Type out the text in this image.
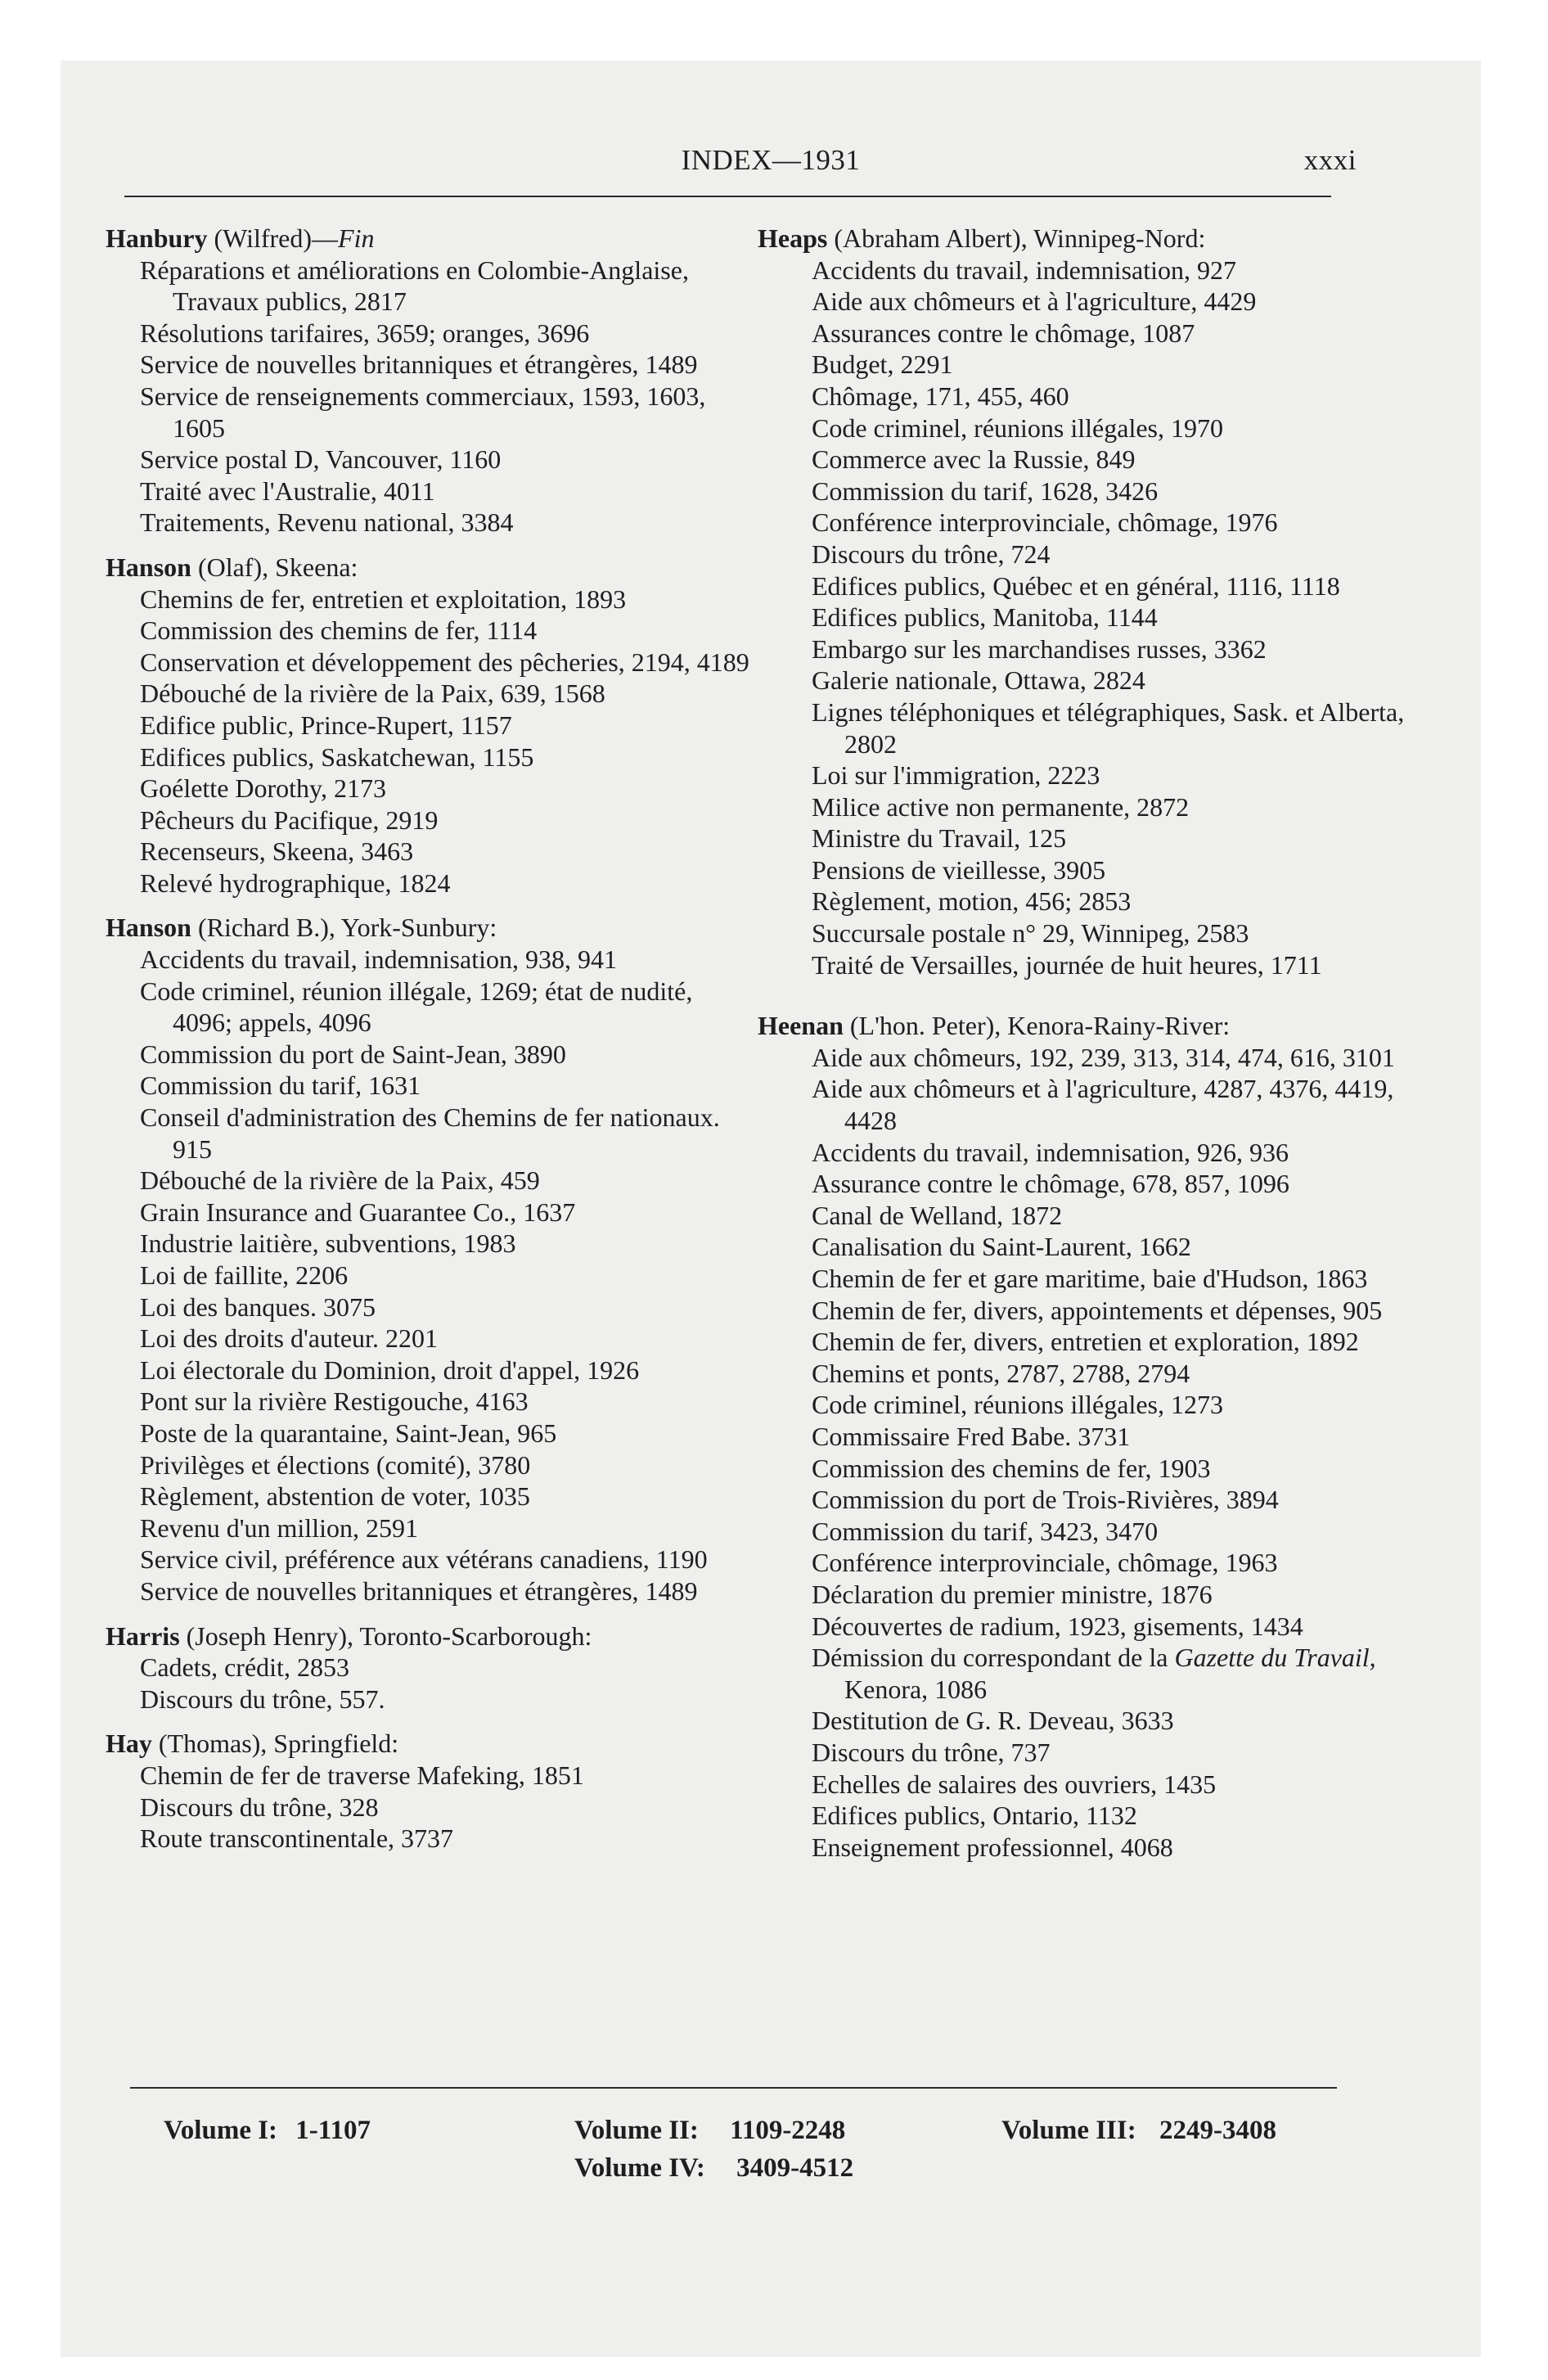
INDEX—1931	xxxi
Hanbury (Wilfred)—Fin
Réparations et améliorations en Colombie-Anglaise, Travaux publics, 2817
Résolutions tarifaires, 3659; oranges, 3696
Service de nouvelles britanniques et étrangères, 1489
Service de renseignements commerciaux, 1593, 1603, 1605
Service postal D, Vancouver, 1160
Traité avec l'Australie, 4011
Traitements, Revenu national, 3384
Hanson (Olaf), Skeena:
Chemins de fer, entretien et exploitation, 1893
Commission des chemins de fer, 1114
Conservation et développement des pêcheries, 2194, 4189
Débouché de la rivière de la Paix, 639, 1568
Edifice public, Prince-Rupert, 1157
Edifices publics, Saskatchewan, 1155
Goélette Dorothy, 2173
Pêcheurs du Pacifique, 2919
Recenseurs, Skeena, 3463
Relevé hydrographique, 1824
Hanson (Richard B.), York-Sunbury:
Accidents du travail, indemnisation, 938, 941
Code criminel, réunion illégale, 1269; état de nudité, 4096; appels, 4096
Commission du port de Saint-Jean, 3890
Commission du tarif, 1631
Conseil d'administration des Chemins de fer nationaux. 915
Débouché de la rivière de la Paix, 459
Grain Insurance and Guarantee Co., 1637
Industrie laitière, subventions, 1983
Loi de faillite, 2206
Loi des banques. 3075
Loi des droits d'auteur. 2201
Loi électorale du Dominion, droit d'appel, 1926
Pont sur la rivière Restigouche, 4163
Poste de la quarantaine, Saint-Jean, 965
Privilèges et élections (comité), 3780
Règlement, abstention de voter, 1035
Revenu d'un million, 2591
Service civil, préférence aux vétérans canadiens, 1190
Service de nouvelles britanniques et étrangères, 1489
Harris (Joseph Henry), Toronto-Scarborough:
Cadets, crédit, 2853
Discours du trône, 557.
Hay (Thomas), Springfield:
Chemin de fer de traverse Mafeking, 1851
Discours du trône, 328
Route transcontinentale, 3737
Heaps (Abraham Albert), Winnipeg-Nord:
Accidents du travail, indemnisation, 927
Aide aux chômeurs et à l'agriculture, 4429
Assurances contre le chômage, 1087
Budget, 2291
Chômage, 171, 455, 460
Code criminel, réunions illégales, 1970
Commerce avec la Russie, 849
Commission du tarif, 1628, 3426
Conférence interprovinciale, chômage, 1976
Discours du trône, 724
Edifices publics, Québec et en général, 1116, 1118
Edifices publics, Manitoba, 1144
Embargo sur les marchandises russes, 3362
Galerie nationale, Ottawa, 2824
Lignes téléphoniques et télégraphiques, Sask. et Alberta, 2802
Loi sur l'immigration, 2223
Milice active non permanente, 2872
Ministre du Travail, 125
Pensions de vieillesse, 3905
Règlement, motion, 456; 2853
Succursale postale n° 29, Winnipeg, 2583
Traité de Versailles, journée de huit heures, 1711
Heenan (L'hon. Peter), Kenora-Rainy-River:
Aide aux chômeurs, 192, 239, 313, 314, 474, 616, 3101
Aide aux chômeurs et à l'agriculture, 4287, 4376, 4419, 4428
Accidents du travail, indemnisation, 926, 936
Assurance contre le chômage, 678, 857, 1096
Canal de Welland, 1872
Canalisation du Saint-Laurent, 1662
Chemin de fer et gare maritime, baie d'Hudson, 1863
Chemin de fer, divers, appointements et dépenses, 905
Chemin de fer, divers, entretien et exploration, 1892
Chemins et ponts, 2787, 2788, 2794
Code criminel, réunions illégales, 1273
Commissaire Fred Babe. 3731
Commission des chemins de fer, 1903
Commission du port de Trois-Rivières, 3894
Commission du tarif, 3423, 3470
Conférence interprovinciale, chômage, 1963
Déclaration du premier ministre, 1876
Découvertes de radium, 1923, gisements, 1434
Démission du correspondant de la Gazette du Travail, Kenora, 1086
Destitution de G. R. Deveau, 3633
Discours du trône, 737
Echelles de salaires des ouvriers, 1435
Edifices publics, Ontario, 1132
Enseignement professionnel, 4068
Volume I: 1-1107	Volume II: 1109-2248
Volume IV: 3409-4512
Volume III: 2249-3408
